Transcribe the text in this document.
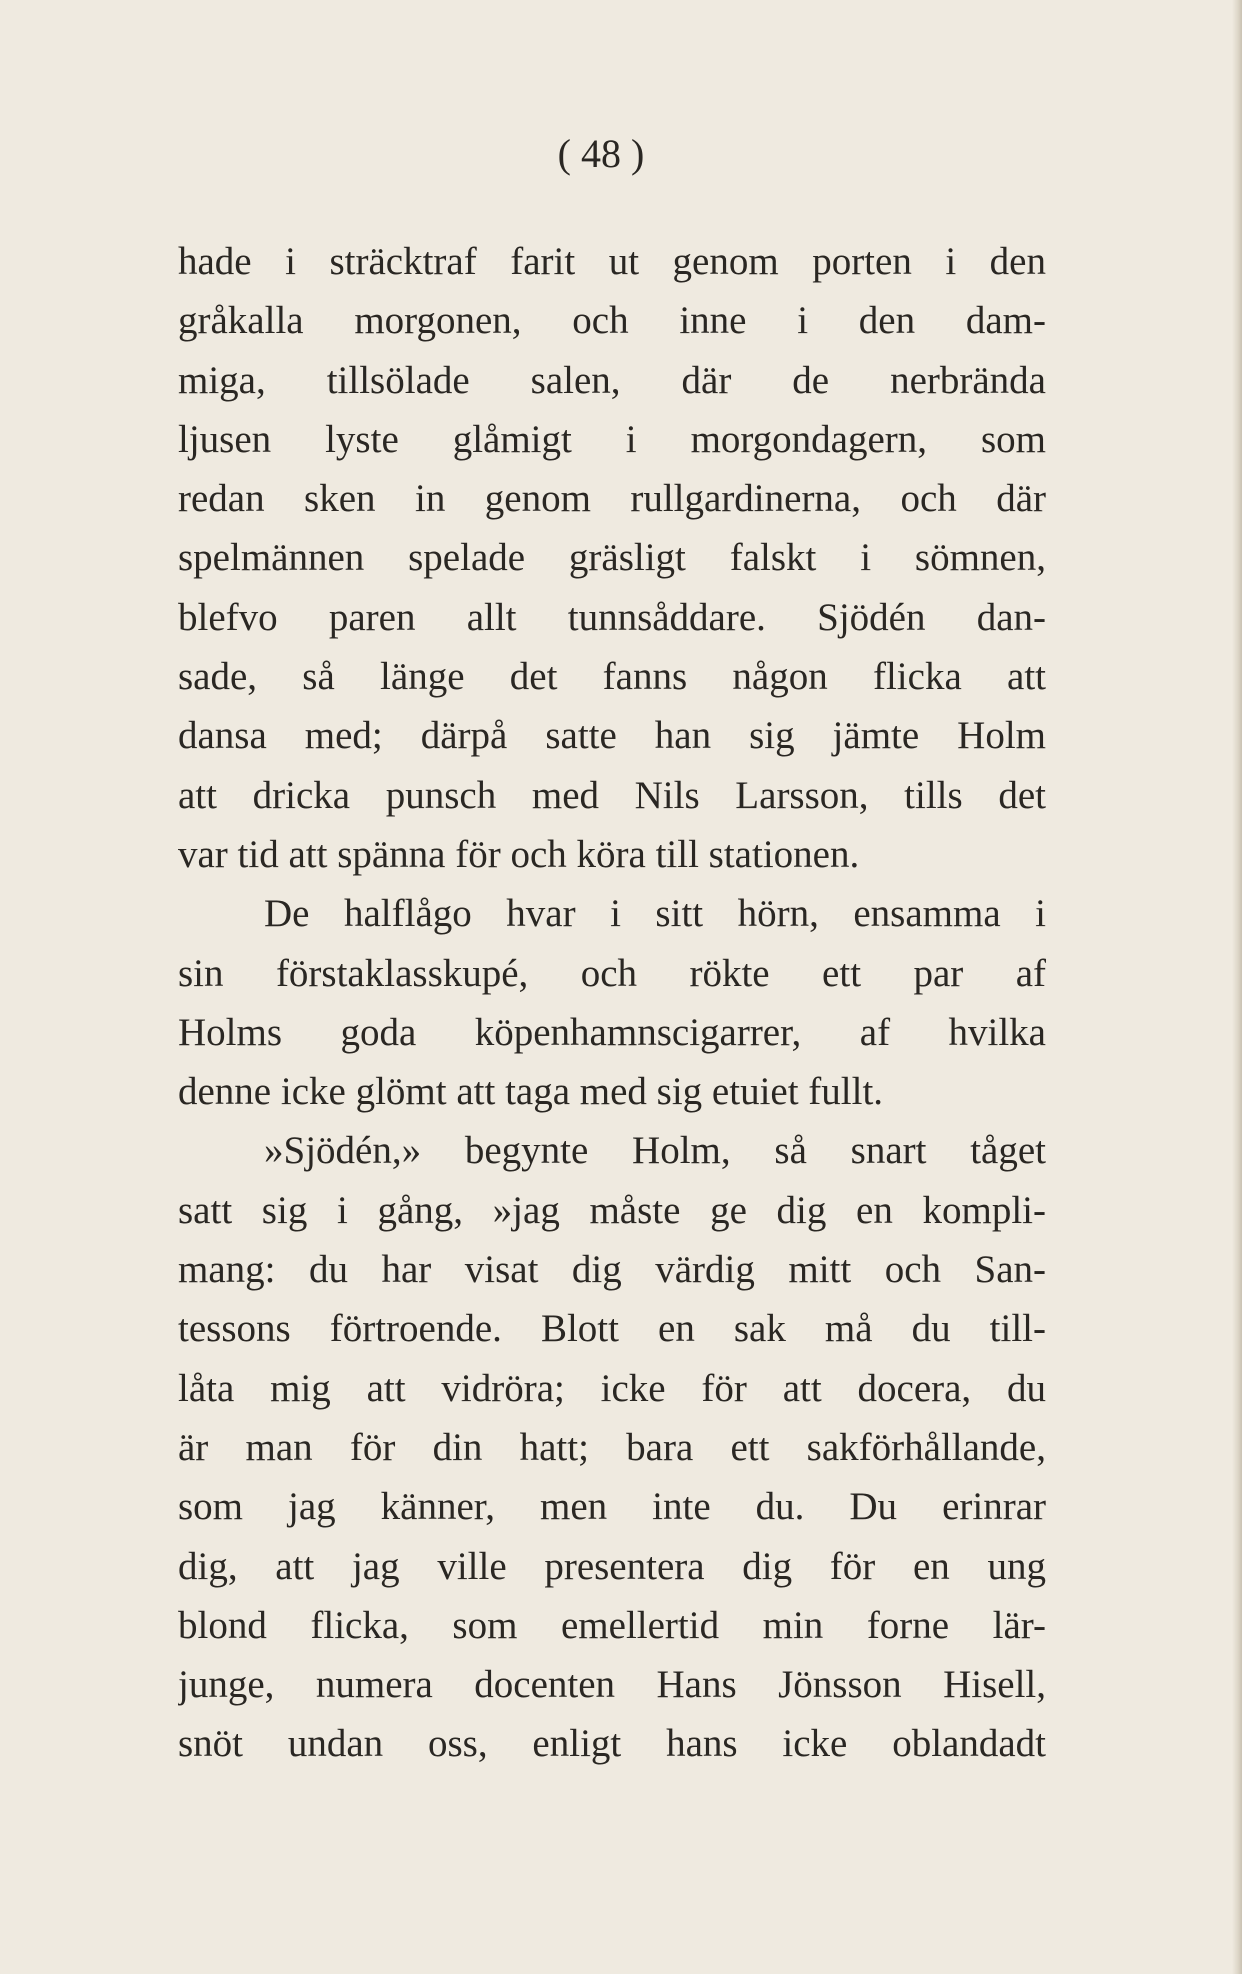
( 48 )
hade i sträcktraf farit ut genom porten i den
gråkalla morgonen, och inne i den dam-
miga, tillsölade salen, där de nerbrända
ljusen lyste glåmigt i morgondagern, som
redan sken in genom rullgardinerna, och där
spelmännen spelade gräsligt falskt i sömnen,
blefvo paren allt tunnsåddare. Sjödén dan-
sade, så länge det fanns någon flicka att
dansa med; därpå satte han sig jämte Holm
att dricka punsch med Nils Larsson, tills det
var tid att spänna för och köra till stationen.
De halflågo hvar i sitt hörn, ensamma i
sin förstaklasskupé, och rökte ett par af
Holms goda köpenhamnscigarrer, af hvilka
denne icke glömt att taga med sig etuiet fullt.
»Sjödén,» begynte Holm, så snart tåget
satt sig i gång, »jag måste ge dig en kompli-
mang: du har visat dig värdig mitt och San-
tessons förtroende. Blott en sak må du till-
låta mig att vidröra; icke för att docera, du
är man för din hatt; bara ett sakförhållande,
som jag känner, men inte du. Du erinrar
dig, att jag ville presentera dig för en ung
blond flicka, som emellertid min forne lär-
junge, numera docenten Hans Jönsson Hisell,
snöt undan oss, enligt hans icke oblandadt
